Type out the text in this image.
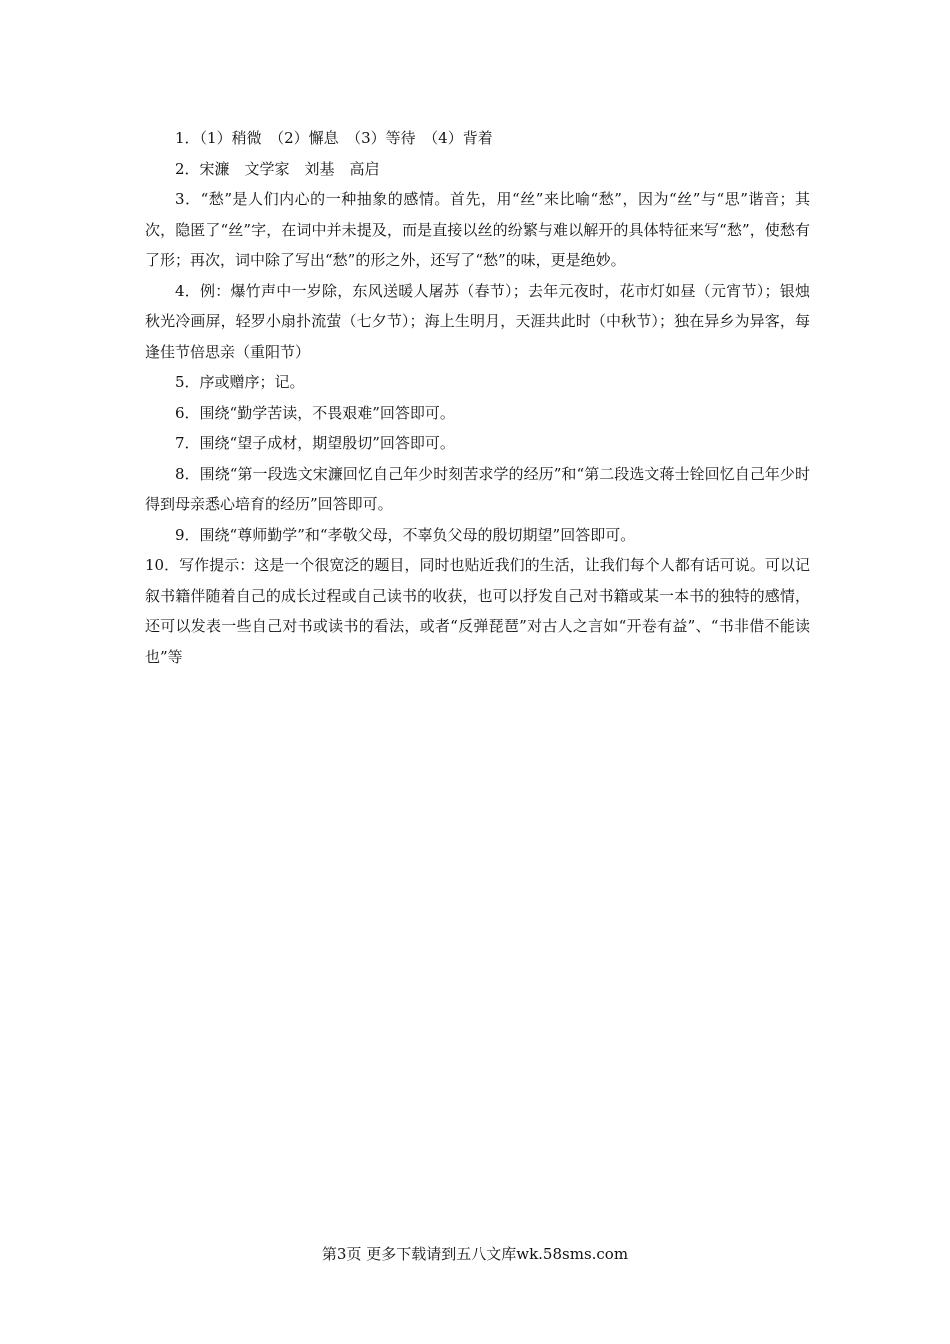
1．（1）稍微　（2）懈息　（3）等待　（4）背着

2．宋濂　文学家　刘基　高启

3．“愁”是人们内心的一种抽象的感情。首先，用“丝”来比喻“愁”，因为“丝”与“思”谐音；其次，隐匿了“丝”字，在词中并未提及，而是直接以丝的纷繁与难以解开的具体特征来写“愁”，使愁有了形；再次，词中除了写出“愁”的形之外，还写了“愁”的味，更是绝妙。

4．例：爆竹声中一岁除，东风送暖人屠苏（春节）；去年元夜时，花市灯如昼（元宵节）；银烛秋光冷画屏，轻罗小扇扑流萤（七夕节）；海上生明月，天涯共此时（中秋节）；独在异乡为异客，每逢佳节倍思亲（重阳节）

5．序或赠序；记。

6．围绕“勤学苦读，不畏艰难”回答即可。

7．围绕“望子成材，期望殷切”回答即可。

8．围绕“第一段选文宋濂回忆自己年少时刻苦求学的经历”和“第二段选文蒋士铨回忆自己年少时得到母亲悉心培育的经历”回答即可。

9．围绕“尊师勤学”和“孝敬父母，不辜负父母的殷切期望”回答即可。

10．写作提示：这是一个很宽泛的题目，同时也贴近我们的生活，让我们每个人都有话可说。可以记叙书籍伴随着自己的成长过程或自己读书的收获，也可以抒发自己对书籍或某一本书的独特的感情，还可以发表一些自己对书或读书的看法，或者“反弹琵琶”对古人之言如“开卷有益”、“书非借不能读也”等

第3页 更多下载请到五八文库wk.58sms.com
